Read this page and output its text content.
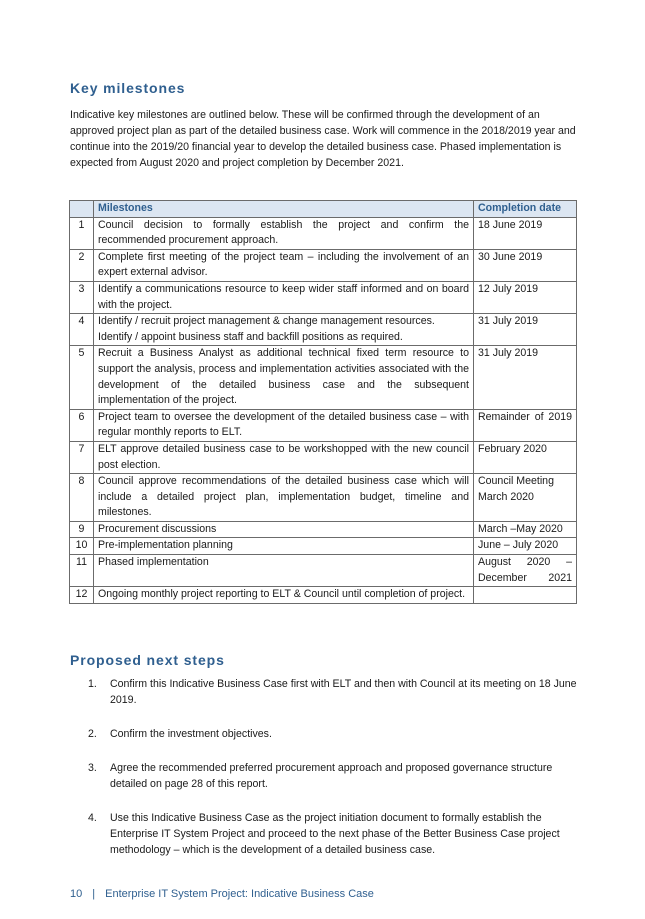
Key milestones

Indicative key milestones are outlined below. These will be confirmed through the development of an approved project plan as part of the detailed business case. Work will commence in the 2018/2019 year and continue into the 2019/20 financial year to develop the detailed business case. Phased implementation is expected from August 2020 and project completion by December 2021.

	Milestones	Completion date
1	Council decision to formally establish the project and confirm the recommended procurement approach.	18 June 2019
2	Complete first meeting of the project team – including the involvement of an expert external advisor.	30 June 2019
3	Identify a communications resource to keep wider staff informed and on board with the project.	12 July 2019
4	Identify / recruit project management & change management resources. Identify / appoint business staff and backfill positions as required.	31 July 2019
5	Recruit a Business Analyst as additional technical fixed term resource to support the analysis, process and implementation activities associated with the development of the detailed business case and the subsequent implementation of the project.	31 July 2019
6	Project team to oversee the development of the detailed business case – with regular monthly reports to ELT.	Remainder of 2019
7	ELT approve detailed business case to be workshopped with the new council post election.	February 2020
8	Council approve recommendations of the detailed business case which will include a detailed project plan, implementation budget, timeline and milestones.	Council Meeting March 2020
9	Procurement discussions	March –May 2020
10	Pre-implementation planning	June – July 2020
11	Phased implementation	August 2020 – December 2021
12	Ongoing monthly project reporting to ELT & Council until completion of project.	
Proposed next steps
1. Confirm this Indicative Business Case first with ELT and then with Council at its meeting on 18 June 2019.
2. Confirm the investment objectives.
3. Agree the recommended preferred procurement approach and proposed governance structure detailed on page 28 of this report.
4. Use this Indicative Business Case as the project initiation document to formally establish the Enterprise IT System Project and proceed to the next phase of the Better Business Case project methodology – which is the development of a detailed business case.
10 | Enterprise IT System Project: Indicative Business Case
